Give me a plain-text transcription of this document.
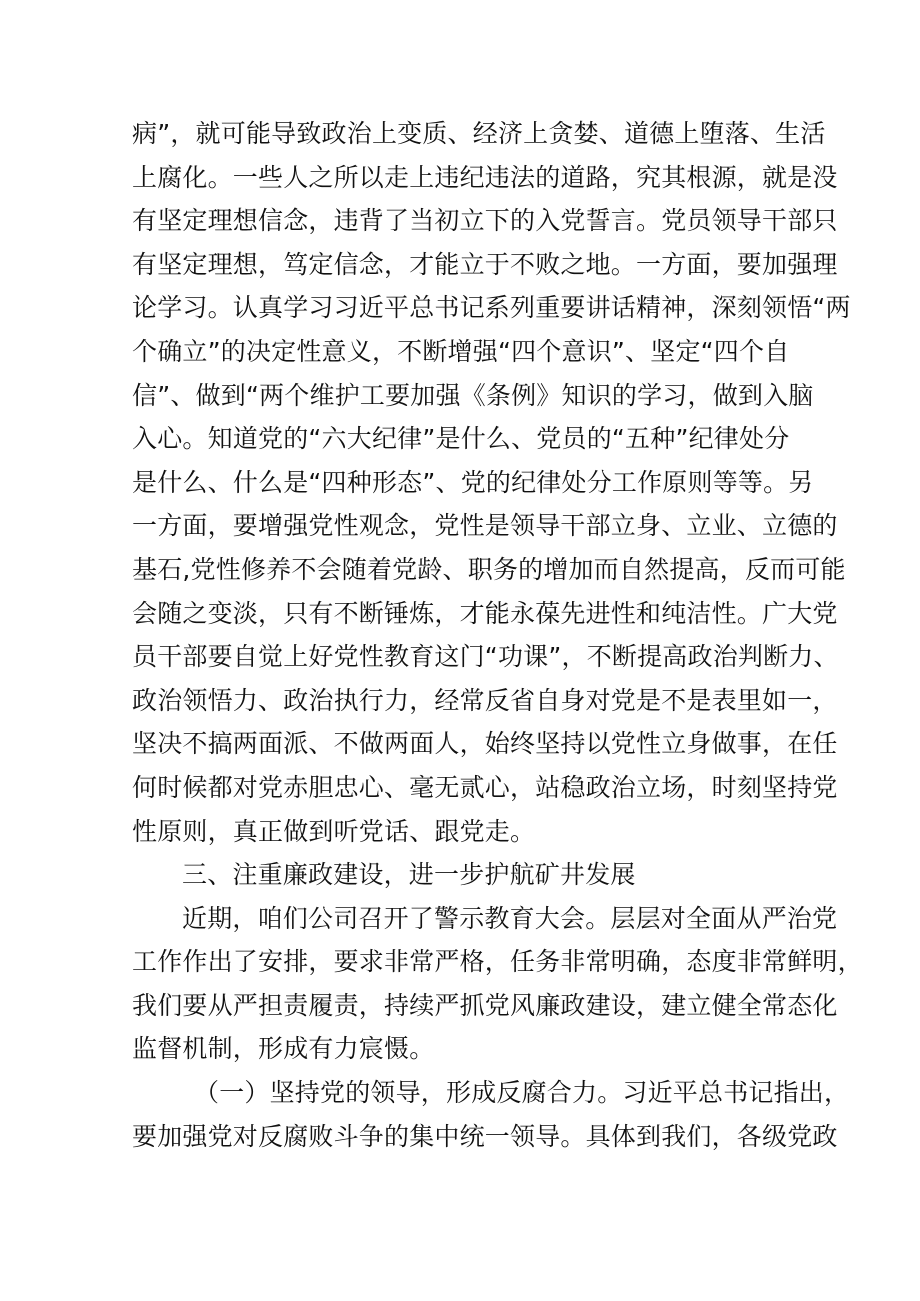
病”，就可能导致政治上变质、经济上贪婪、道德上堕落、生活
上腐化。一些人之所以走上违纪违法的道路，究其根源，就是没
有坚定理想信念，违背了当初立下的入党誓言。党员领导干部只
有坚定理想，笃定信念，才能立于不败之地。一方面，要加强理
论学习。认真学习习近平总书记系列重要讲话精神，深刻领悟“两
个确立”的决定性意义，不断增强“四个意识”、坚定“四个自
信”、做到“两个维护工要加强《条例》知识的学习，做到入脑
入心。知道党的“六大纪律”是什么、党员的“五种”纪律处分
是什么、什么是“四种形态”、党的纪律处分工作原则等等。另
一方面，要增强党性观念，党性是领导干部立身、立业、立德的
基石,党性修养不会随着党龄、职务的增加而自然提高，反而可能
会随之变淡，只有不断锤炼，才能永葆先进性和纯洁性。广大党
员干部要自觉上好党性教育这门“功课”，不断提高政治判断力、
政治领悟力、政治执行力，经常反省自身对党是不是表里如一，
坚决不搞两面派、不做两面人，始终坚持以党性立身做事，在任
何时候都对党赤胆忠心、毫无贰心，站稳政治立场，时刻坚持党
性原则，真正做到听党话、跟党走。
三、注重廉政建设，进一步护航矿井发展
近期，咱们公司召开了警示教育大会。层层对全面从严治党
工作作出了安排，要求非常严格，任务非常明确，态度非常鲜明，
我们要从严担责履责，持续严抓党风廉政建设，建立健全常态化
监督机制，形成有力宸慑。
（一）坚持党的领导，形成反腐合力。习近平总书记指出，
要加强党对反腐败斗争的集中统一领导。具体到我们，各级党政
